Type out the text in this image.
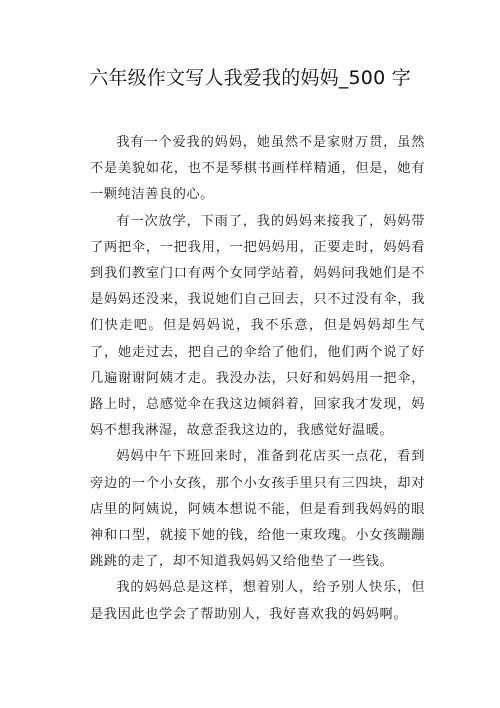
六年级作文写人我爱我的妈妈_500 字

我有一个爱我的妈妈，她虽然不是家财万贯，虽然不是美貌如花，也不是琴棋书画样样精通，但是，她有一颗纯洁善良的心。

有一次放学，下雨了，我的妈妈来接我了，妈妈带了两把伞，一把我用，一把妈妈用，正要走时，妈妈看到我们教室门口有两个女同学站着，妈妈问我她们是不是妈妈还没来，我说她们自己回去，只不过没有伞，我们快走吧。但是妈妈说，我不乐意，但是妈妈却生气了，她走过去，把自己的伞给了他们，他们两个说了好几遍谢谢阿姨才走。我没办法，只好和妈妈用一把伞，路上时，总感觉伞在我这边倾斜着，回家我才发现，妈妈不想我淋湿，故意歪我这边的，我感觉好温暖。

妈妈中午下班回来时，准备到花店买一点花，看到旁边的一个小女孩，那个小女孩手里只有三四块，却对店里的阿姨说，阿姨本想说不能，但是看到我妈妈的眼神和口型，就接下她的钱，给他一束玫瑰。小女孩蹦蹦跳跳的走了，却不知道我妈妈又给他垫了一些钱。

我的妈妈总是这样，想着别人，给予别人快乐，但是我因此也学会了帮助别人，我好喜欢我的妈妈啊。
